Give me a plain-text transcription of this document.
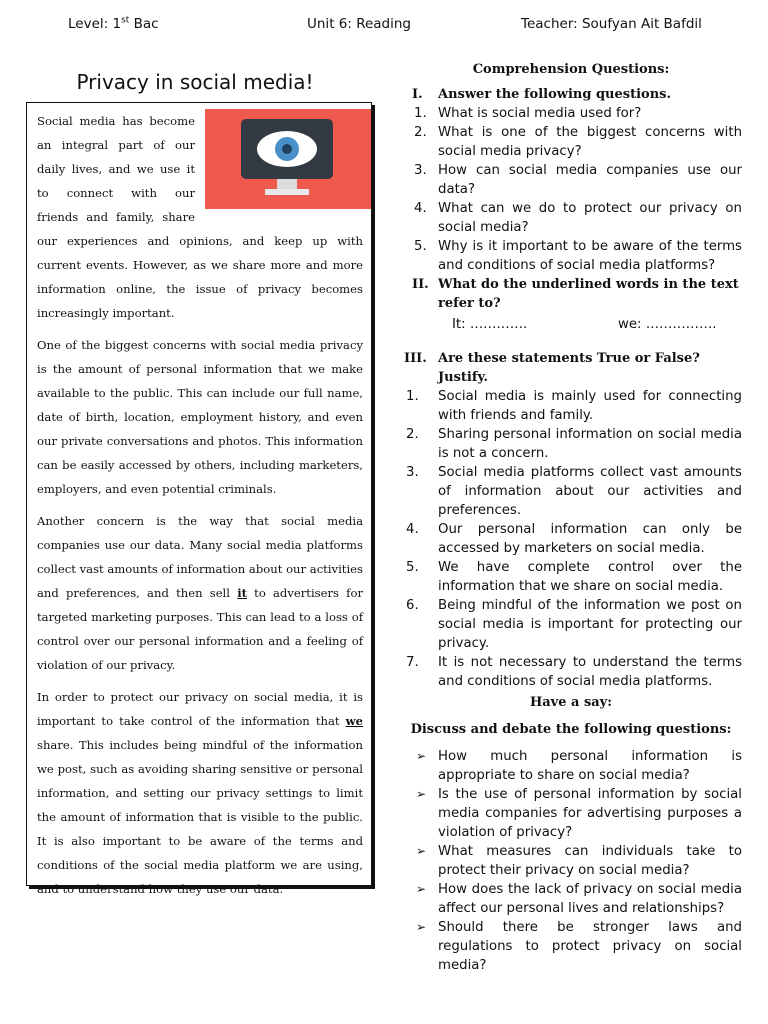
Level: 1st Bac	Unit 6: Reading	Teacher: Soufyan Ait Bafdil
Privacy in social media!

Social media has become an integral part of our daily lives, and we use it to connect with our friends and family, share our experiences and opinions, and keep up with current events. However, as we share more and more information online, the issue of privacy becomes increasingly important.

One of the biggest concerns with social media privacy is the amount of personal information that we make available to the public. This can include our full name, date of birth, location, employment history, and even our private conversations and photos. This information can be easily accessed by others, including marketers, employers, and even potential criminals.

Another concern is the way that social media companies use our data. Many social media platforms collect vast amounts of information about our activities and preferences, and then sell it to advertisers for targeted marketing purposes. This can lead to a loss of control over our personal information and a feeling of violation of our privacy.

In order to protect our privacy on social media, it is important to take control of the information that we share. This includes being mindful of the information we post, such as avoiding sharing sensitive or personal information, and setting our privacy settings to limit the amount of information that is visible to the public. It is also important to be aware of the terms and conditions of the social media platform we are using, and to understand how they use our data.

Comprehension Questions:
I. Answer the following questions.
1. What is social media used for?
2. What is one of the biggest concerns with social media privacy?
3. How can social media companies use our data?
4. What can we do to protect our privacy on social media?
5. Why is it important to be aware of the terms and conditions of social media platforms?
II. What do the underlined words in the text refer to?
It: ………….	we: …………….
III. Are these statements True or False? Justify.
1. Social media is mainly used for connecting with friends and family.
2. Sharing personal information on social media is not a concern.
3. Social media platforms collect vast amounts of information about our activities and preferences.
4. Our personal information can only be accessed by marketers on social media.
5. We have complete control over the information that we share on social media.
6. Being mindful of the information we post on social media is important for protecting our privacy.
7. It is not necessary to understand the terms and conditions of social media platforms.
Have a say:
Discuss and debate the following questions:
➢ How much personal information is appropriate to share on social media?
➢ Is the use of personal information by social media companies for advertising purposes a violation of privacy?
➢ What measures can individuals take to protect their privacy on social media?
➢ How does the lack of privacy on social media affect our personal lives and relationships?
➢ Should there be stronger laws and regulations to protect privacy on social media?
